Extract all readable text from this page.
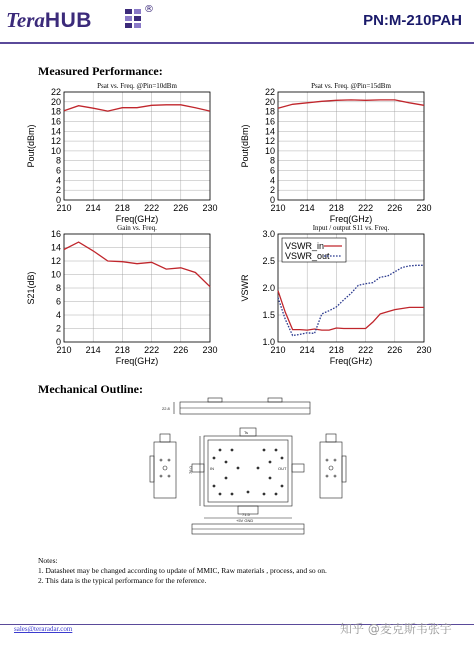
TeraHUB	®
PN:M-210PAH
Measured Performance:
Psat vs. Freq. @Pin=10dBm
210 214 218 222 226 230
0
2
4
6
8
10
12
14
16
18
20
22
Freq(GHz)
Pout(dBm)
Psat vs. Freq. @Pin=15dBm
210 214 218 222 226 230
0
2
4
6
8
10
12
14
16
18
20
22
Freq(GHz)
Pout(dBm)
Gain vs. Freq.
210 214 218 222 226 230
0
2
4
6
8
10
12
14
16
Freq(GHz)
S21(dB)
Input / output S11 vs. Freq.
210 214 218 222 226 230
1.0
1.5
2.0
2.5
3.0
Freq(GHz)
VSWR
VSWR_in
VSWR_out
Mechanical Outline:
22.8
76.0
71.5
Ts
IN	OUT
+5V GND
Notes:
1. Datasheet may be changed according to update of MMIC, Raw materials , process, and so on.
2. This data is the typical performance for the reference.
sales@teraradar.com	知乎 @麦克斯韦张宇
